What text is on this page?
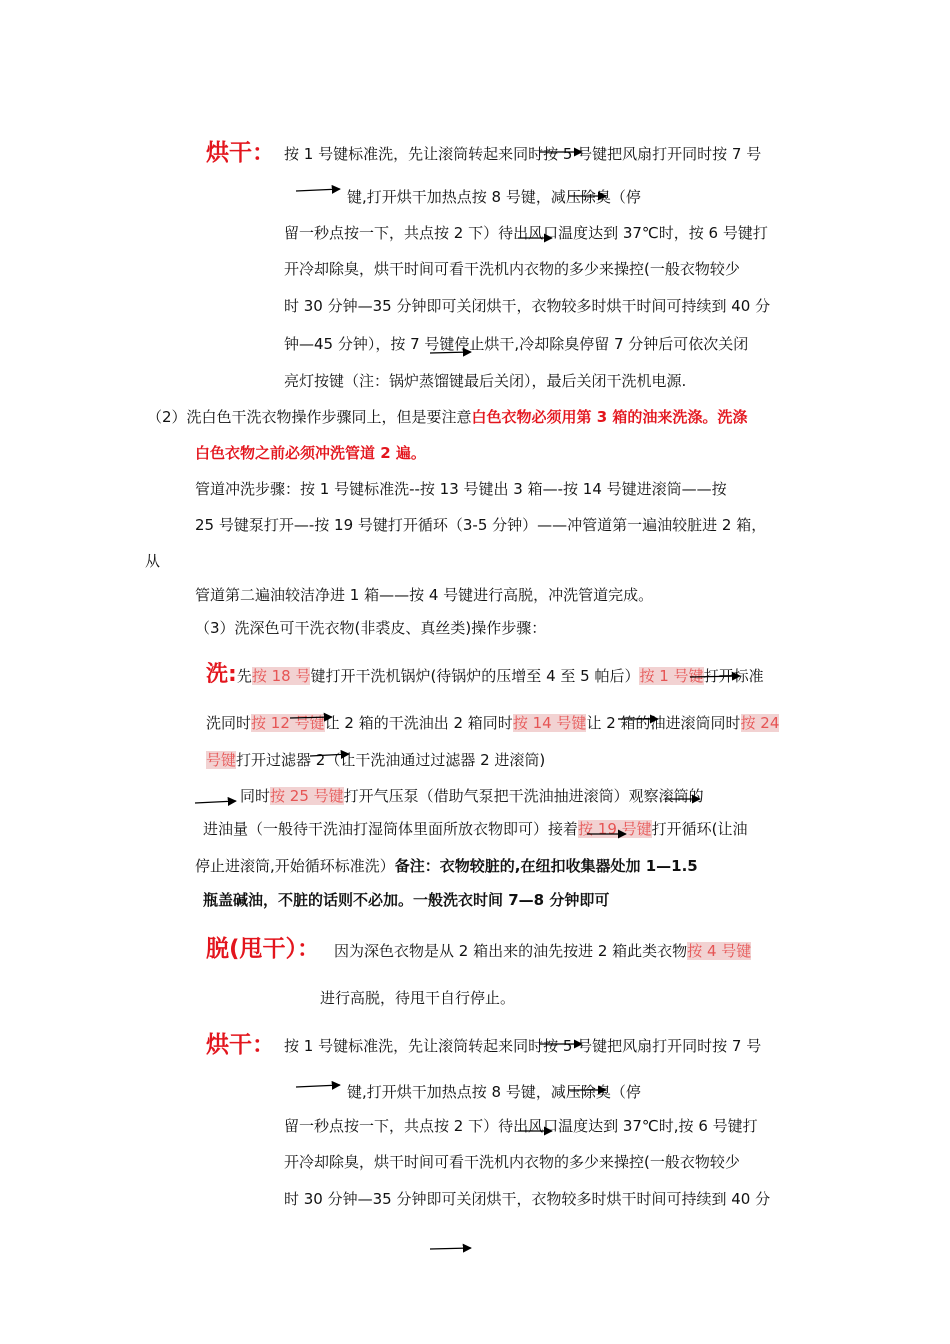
烘干： 按 1 号键标准洗，先让滚筒转起来同时按 5 号键把风扇打开同时按 7 号
键,打开烘干加热点按 8 号键，减压除臭（停
留一秒点按一下，共点按 2 下）待出风口温度达到 37℃时，按 6 号键打
开冷却除臭，烘干时间可看干洗机内衣物的多少来操控(一般衣物较少
时 30 分钟—35 分钟即可关闭烘干，衣物较多时烘干时间可持续到 40 分
钟—45 分钟），按 7 号键停止烘干,冷却除臭停留 7 分钟后可依次关闭
亮灯按键（注：锅炉蒸馏键最后关闭），最后关闭干洗机电源.
（2）洗白色干洗衣物操作步骤同上，但是要注意白色衣物必须用第 3 箱的油来洗涤。洗涤
白色衣物之前必须冲洗管道 2 遍。
管道冲洗步骤：按 1 号键标准洗--按 13 号键出 3 箱—-按 14 号键进滚筒——按
25 号键泵打开—-按 19 号键打开循环（3-5 分钟）——冲管道第一遍油较脏进 2 箱，
从
管道第二遍油较洁净进 1 箱——按 4 号键进行高脱，冲洗管道完成。
（3）洗深色可干洗衣物(非裘皮、真丝类)操作步骤：
洗:先按 18 号键打开干洗机锅炉(待锅炉的压增至 4 至 5 帕后）按 1 号键打开标准
洗同时按 12 号键让 2 箱的干洗油出 2 箱同时按 14 号键让 2 箱的油进滚筒同时按 24
号键打开过滤器 2（让干洗油通过过滤器 2 进滚筒)
同时按 25 号键打开气压泵（借助气泵把干洗油抽进滚筒）观察滚筒的
进油量（一般待干洗油打湿筒体里面所放衣物即可）接着按 19 号键打开循环(让油
停止进滚筒,开始循环标准洗）备注：衣物较脏的,在纽扣收集器处加 1—1.5
瓶盖碱油，不脏的话则不必加。一般洗衣时间 7—8 分钟即可
脱(甩干）： 因为深色衣物是从 2 箱出来的油先按进 2 箱此类衣物按 4 号键
进行高脱，待甩干自行停止。
烘干： 按 1 号键标准洗，先让滚筒转起来同时按 5 号键把风扇打开同时按 7 号
键,打开烘干加热点按 8 号键，减压除臭（停
留一秒点按一下，共点按 2 下）待出风口温度达到 37℃时,按 6 号键打
开冷却除臭，烘干时间可看干洗机内衣物的多少来操控(一般衣物较少
时 30 分钟—35 分钟即可关闭烘干，衣物较多时烘干时间可持续到 40 分
